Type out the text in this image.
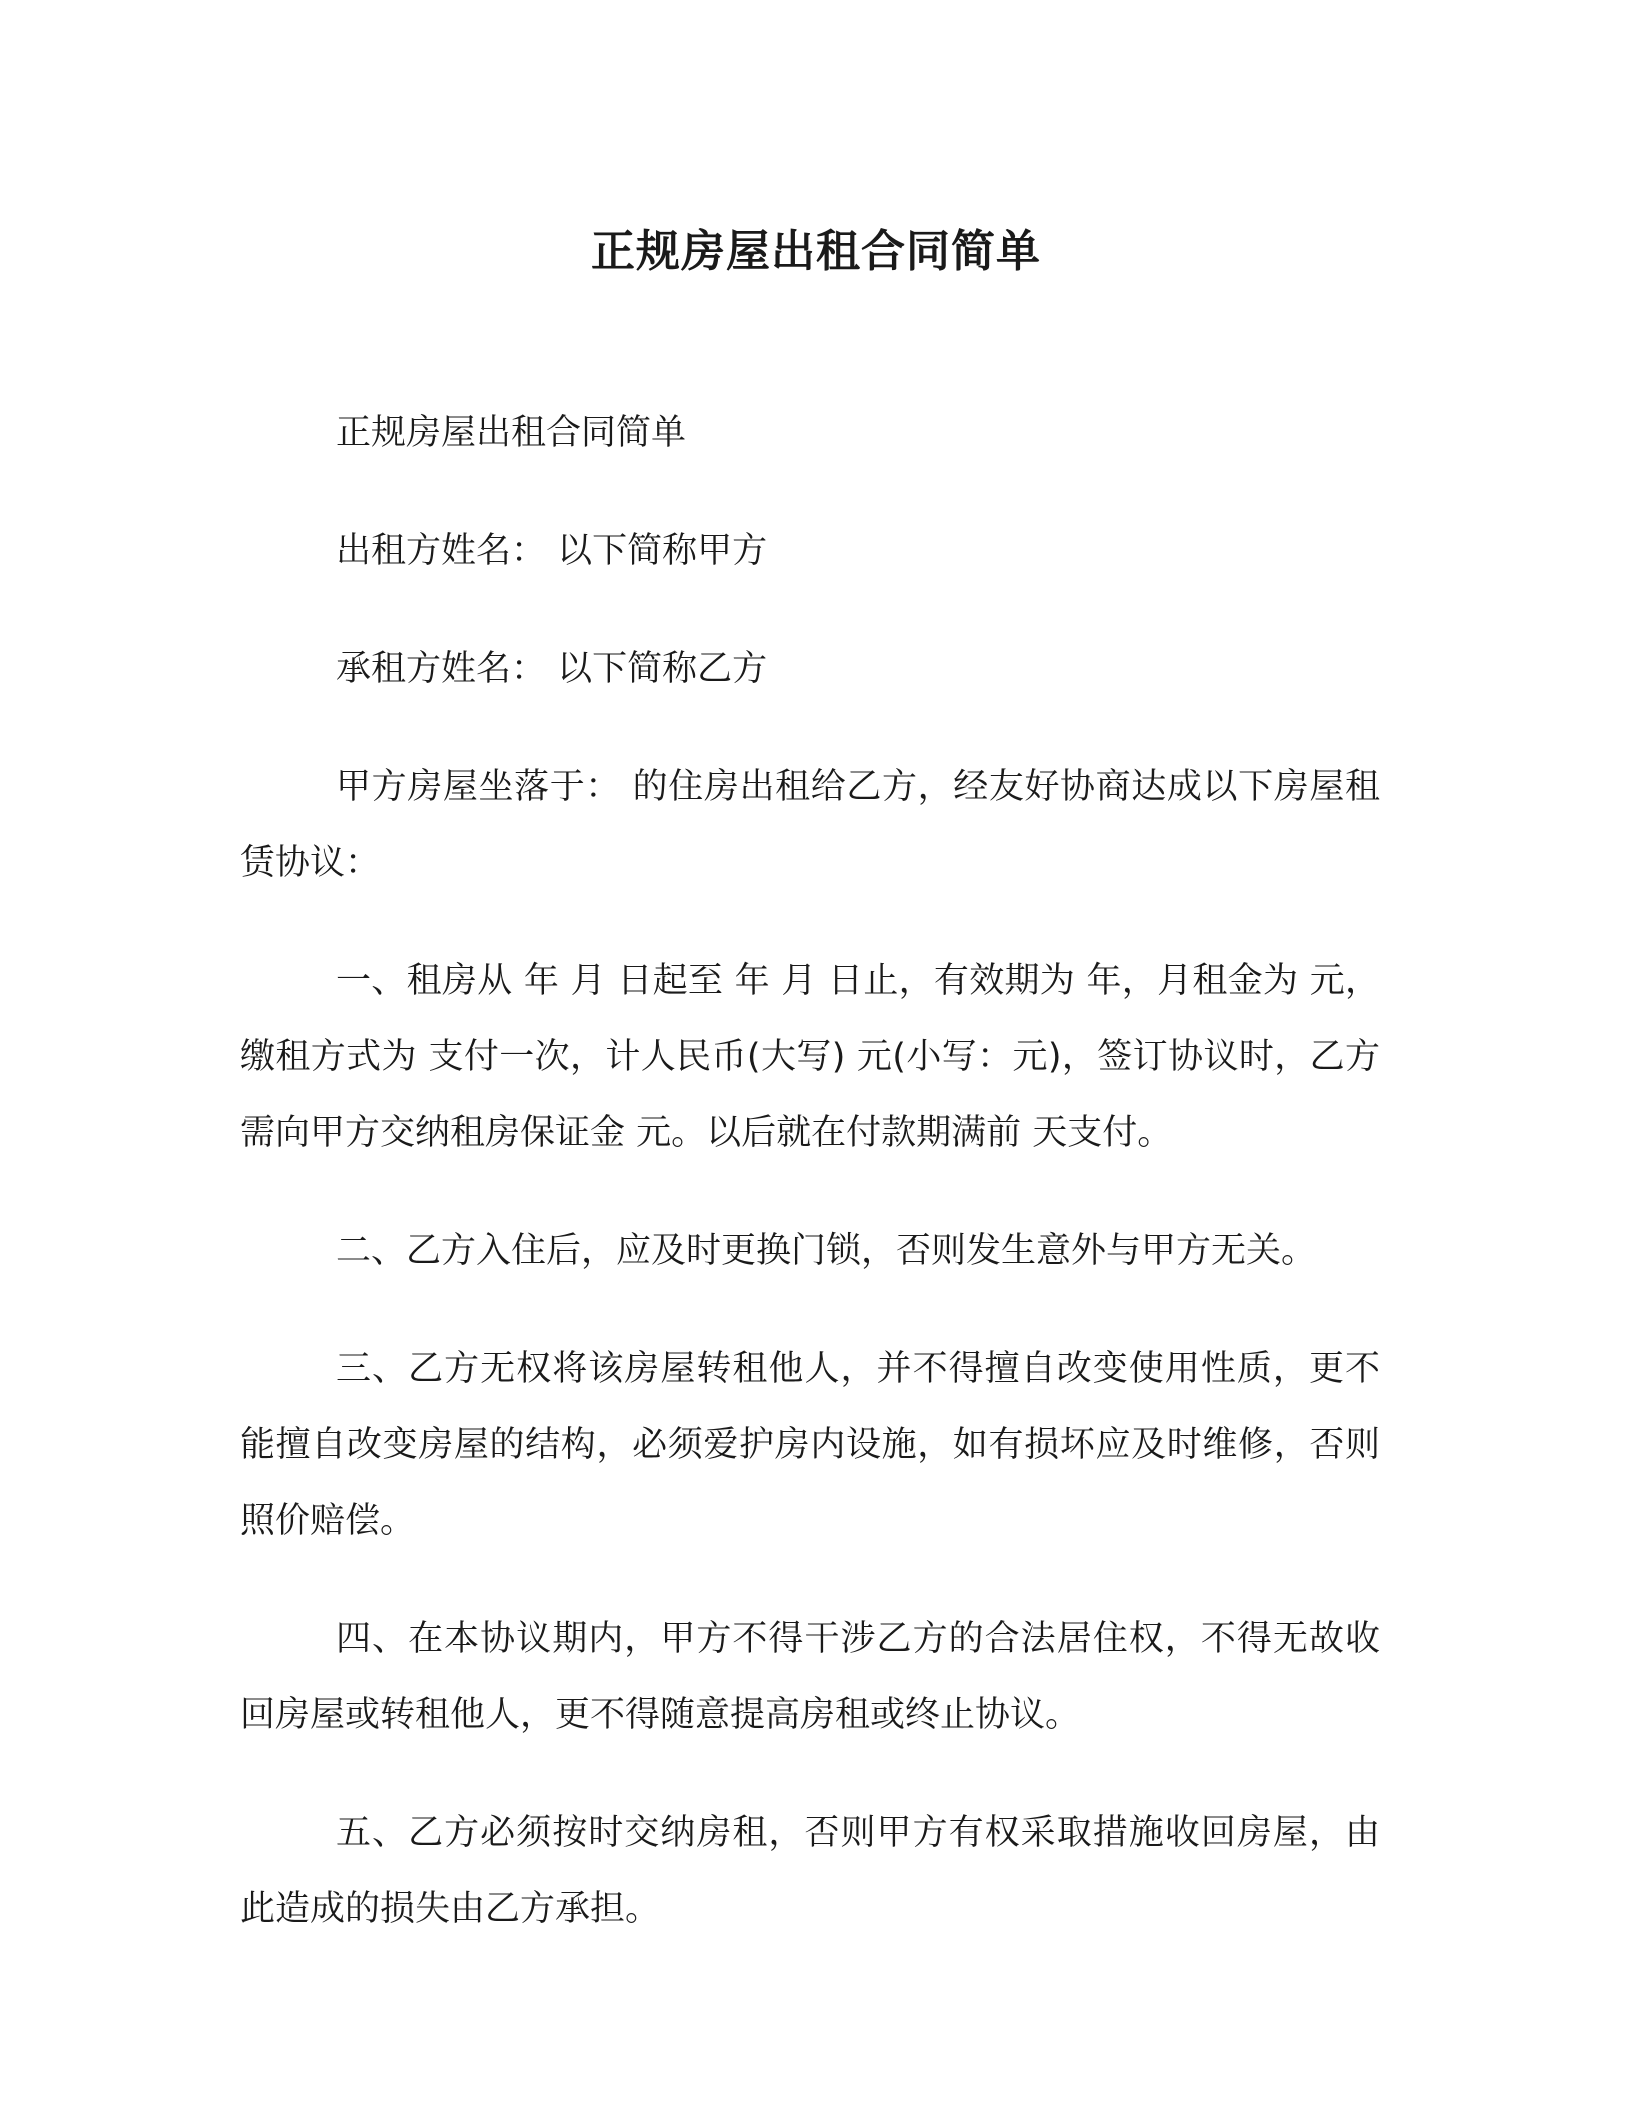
正规房屋出租合同简单

正规房屋出租合同简单

出租方姓名： 以下简称甲方

承租方姓名： 以下简称乙方

甲方房屋坐落于： 的住房出租给乙方，经友好协商达成以下房屋租赁协议：

一、租房从 年 月 日起至 年 月 日止，有效期为 年，月租金为 元，缴租方式为 支付一次，计人民币(大写) 元(小写：元)，签订协议时，乙方需向甲方交纳租房保证金 元。以后就在付款期满前 天支付。

二、乙方入住后，应及时更换门锁，否则发生意外与甲方无关。

三、乙方无权将该房屋转租他人，并不得擅自改变使用性质，更不能擅自改变房屋的结构，必须爱护房内设施，如有损坏应及时维修，否则照价赔偿。

四、在本协议期内，甲方不得干涉乙方的合法居住权，不得无故收回房屋或转租他人，更不得随意提高房租或终止协议。

五、乙方必须按时交纳房租，否则甲方有权采取措施收回房屋，由此造成的损失由乙方承担。
